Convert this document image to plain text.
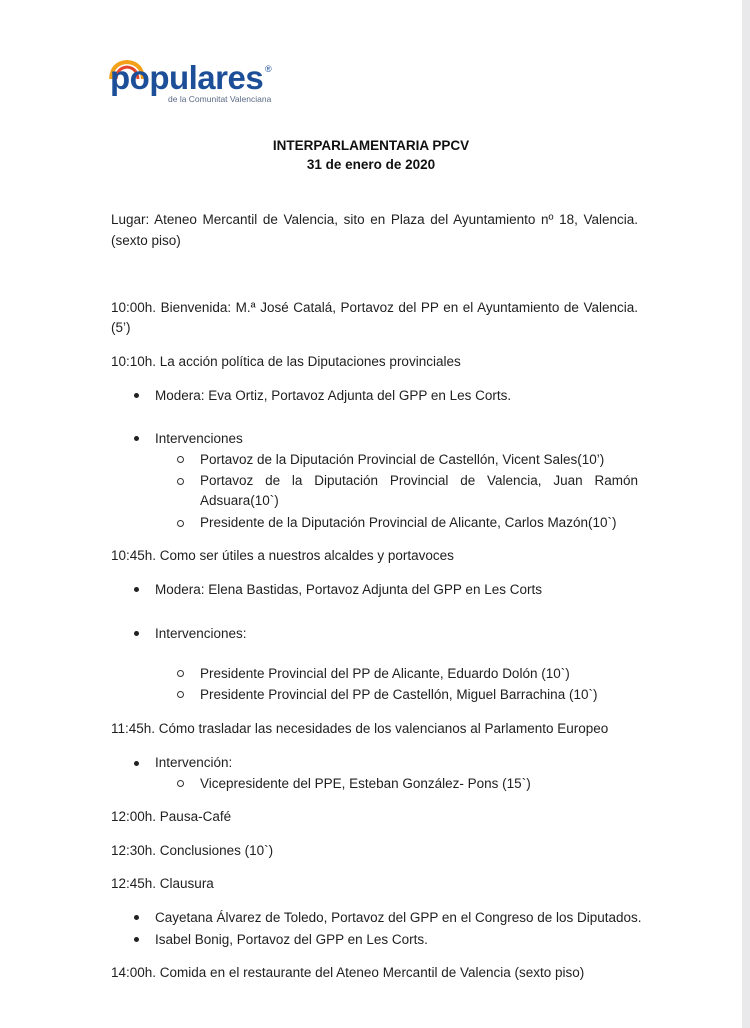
populares ®
de la Comunitat Valenciana
INTERPARLAMENTARIA PPCV
31 de enero de 2020
Lugar: Ateneo Mercantil de Valencia, sito en Plaza del Ayuntamiento nº 18, Valencia.
(sexto piso)
10:00h. Bienvenida: M.ª José Catalá, Portavoz del PP en el Ayuntamiento de Valencia.
(5’)
10:10h. La acción política de las Diputaciones provinciales
Modera: Eva Ortiz, Portavoz Adjunta del GPP en Les Corts.
Intervenciones
Portavoz de la Diputación Provincial de Castellón, Vicent Sales(10’)
Portavoz de la Diputación Provincial de Valencia, Juan Ramón
Adsuara(10`)
Presidente de la Diputación Provincial de Alicante, Carlos Mazón(10`)
10:45h. Como ser útiles a nuestros alcaldes y portavoces
Modera: Elena Bastidas, Portavoz Adjunta del GPP en Les Corts
Intervenciones:
Presidente Provincial del PP de Alicante, Eduardo Dolón (10`)
Presidente Provincial del PP de Castellón, Miguel Barrachina (10`)
11:45h. Cómo trasladar las necesidades de los valencianos al Parlamento Europeo
Intervención:
Vicepresidente del PPE, Esteban González- Pons (15`)
12:00h. Pausa-Café
12:30h. Conclusiones (10`)
12:45h. Clausura
Cayetana Álvarez de Toledo, Portavoz del GPP en el Congreso de los Diputados.
Isabel Bonig, Portavoz del GPP en Les Corts.
14:00h. Comida en el restaurante del Ateneo Mercantil de Valencia (sexto piso)
